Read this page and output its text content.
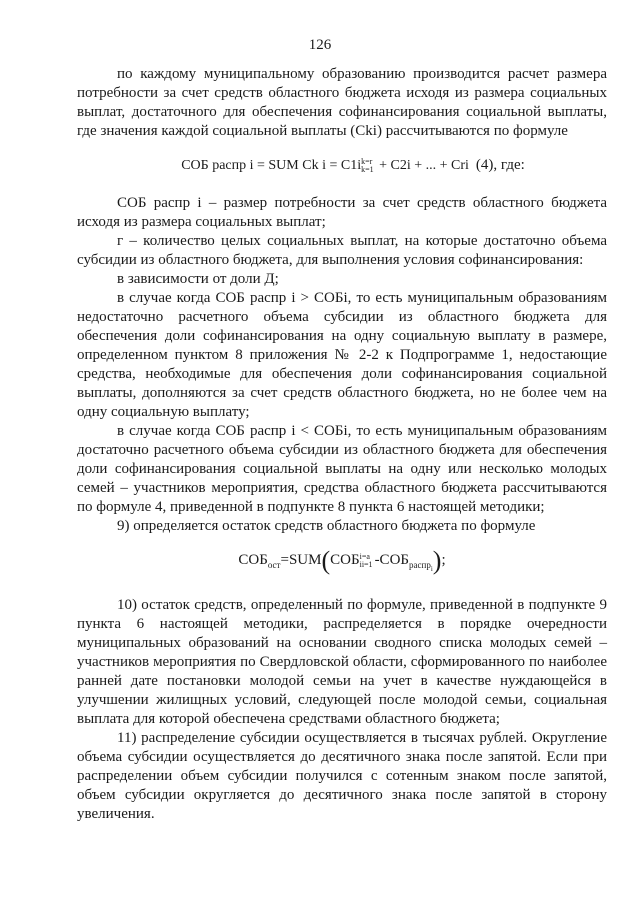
126

по каждому муниципальному образованию производится расчет размера потребности за счет средств областного бюджета исходя из размера социальных выплат, достаточного для обеспечения софинансирования социальной выплаты, где значения каждой социальной выплаты (Cki) рассчитываются по формуле

СОБ распр i = SUM Ck i = C1ik=r
k=1 + C2i + ... + Cri (4), где:

СОБ распр i – размер потребности за счет средств областного бюджета исходя из размера социальных выплат;

г – количество целых социальных выплат, на которые достаточно объема субсидии из областного бюджета, для выполнения условия софинансирования:

в зависимости от доли Д;

в случае когда СОБ распр i > СОБi, то есть муниципальным образованиям недостаточно расчетного объема субсидии из областного бюджета для обеспечения доли софинансирования на одну социальную выплату в размере, определенном пунктом 8 приложения № 2-2 к Подпрограмме 1, недостающие средства, необходимые для обеспечения доли софинансирования социальной выплаты, дополняются за счет средств областного бюджета, но не более чем на одну социальную выплату;

в случае когда СОБ распр i < СОБi, то есть муниципальным образованиям достаточно расчетного объема субсидии из областного бюджета для обеспечения доли софинансирования социальной выплаты на одну или несколько молодых семей – участников мероприятия, средства областного бюджета рассчитываются по формуле 4, приведенной в подпункте 8 пункта 6 настоящей методики;

9) определяется остаток средств областного бюджета по формуле

$СОБ_{ост}=SUM(СОБi=a$
ii=1 $-СОБ_{распр_i}$);

10) остаток средств, определенный по формуле, приведенной в подпункте 9 пункта 6 настоящей методики, распределяется в порядке очередности муниципальных образований на основании сводного списка молодых семей – участников мероприятия по Свердловской области, сформированного по наиболее ранней дате постановки молодой семьи на учет в качестве нуждающейся в улучшении жилищных условий, следующей после молодой семьи, социальная выплата для которой обеспечена средствами областного бюджета;

11) распределение субсидии осуществляется в тысячах рублей. Округление объема субсидии осуществляется до десятичного знака после запятой. Если при распределении объем субсидии получился с сотенным знаком после запятой, объем субсидии округляется до десятичного знака после запятой в сторону увеличения.
